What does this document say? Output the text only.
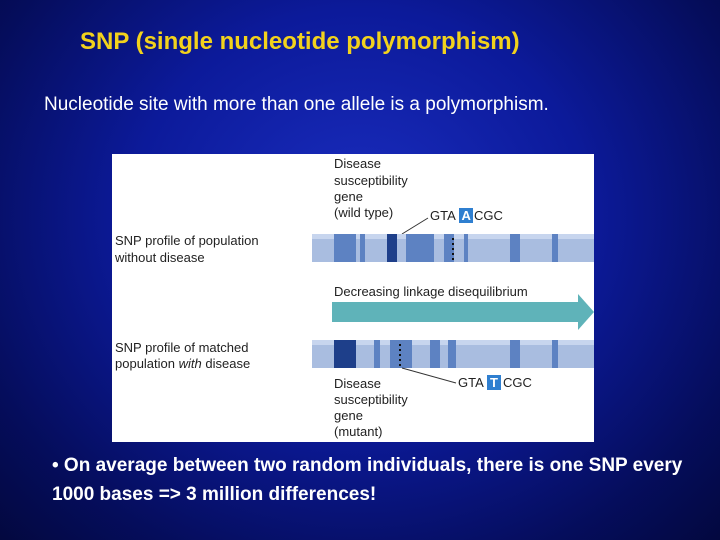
SNP (single nucleotide polymorphism)
Nucleotide site with more than one allele is a polymorphism.
Disease
susceptibility
gene
(wild type)	GTA A CGC
SNP profile of population
without disease
Decreasing linkage disequilibrium
SNP profile of matched
population with disease
Disease
susceptibility
gene
(mutant)
GTA T CGC
• On average between two random individuals, there is one SNP every 1000 bases => 3 million differences!
